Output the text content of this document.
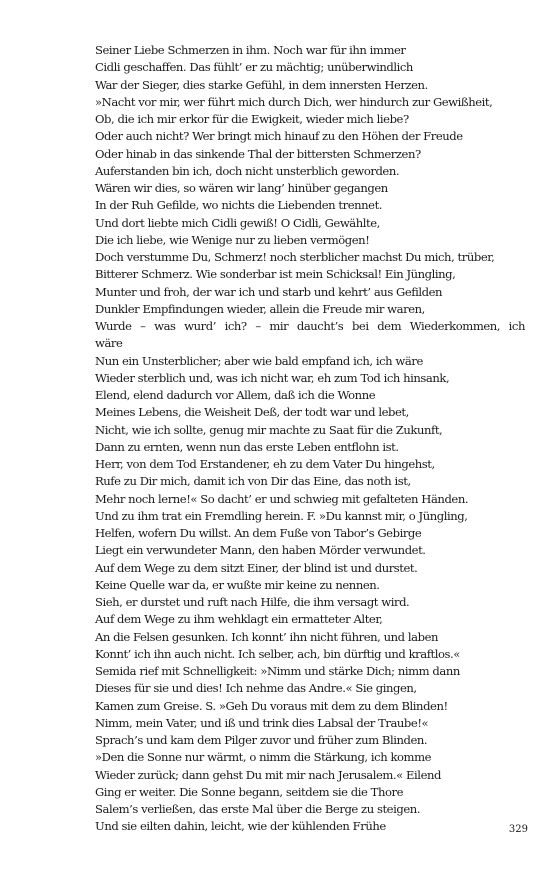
Seiner Liebe Schmerzen in ihm. Noch war für ihn immer
Cidli geschaffen. Das fühlt’ er zu mächtig; unüberwindlich
War der Sieger, dies starke Gefühl, in dem innersten Herzen.
»Nacht vor mir, wer führt mich durch Dich, wer hindurch zur Gewißheit,
Ob, die ich mir erkor für die Ewigkeit, wieder mich liebe?
Oder auch nicht? Wer bringt mich hinauf zu den Höhen der Freude
Oder hinab in das sinkende Thal der bittersten Schmerzen?
Auferstanden bin ich, doch nicht unsterblich geworden.
Wären wir dies, so wären wir lang’ hinüber gegangen
In der Ruh Gefilde, wo nichts die Liebenden trennet.
Und dort liebte mich Cidli gewiß! O Cidli, Gewählte,
Die ich liebe, wie Wenige nur zu lieben vermögen!
Doch verstumme Du, Schmerz! noch sterblicher machst Du mich, trüber,
Bitterer Schmerz. Wie sonderbar ist mein Schicksal! Ein Jüngling,
Munter und froh, der war ich und starb und kehrt’ aus Gefilden
Dunkler Empfindungen wieder, allein die Freude mir waren,
Wurde – was wurd’ ich? – mir daucht’s bei dem Wiederkommen, ich
wäre
Nun ein Unsterblicher; aber wie bald empfand ich, ich wäre
Wieder sterblich und, was ich nicht war, eh zum Tod ich hinsank,
Elend, elend dadurch vor Allem, daß ich die Wonne
Meines Lebens, die Weisheit Deß, der todt war und lebet,
Nicht, wie ich sollte, genug mir machte zu Saat für die Zukunft,
Dann zu ernten, wenn nun das erste Leben entflohn ist.
Herr, von dem Tod Erstandener, eh zu dem Vater Du hingehst,
Rufe zu Dir mich, damit ich von Dir das Eine, das noth ist,
Mehr noch lerne!« So dacht’ er und schwieg mit gefalteten Händen.
Und zu ihm trat ein Fremdling herein. F. »Du kannst mir, o Jüngling,
Helfen, wofern Du willst. An dem Fuße von Tabor’s Gebirge
Liegt ein verwundeter Mann, den haben Mörder verwundet.
Auf dem Wege zu dem sitzt Einer, der blind ist und durstet.
Keine Quelle war da, er wußte mir keine zu nennen.
Sieh, er durstet und ruft nach Hilfe, die ihm versagt wird.
Auf dem Wege zu ihm wehklagt ein ermatteter Alter,
An die Felsen gesunken. Ich konnt’ ihn nicht führen, und laben
Konnt’ ich ihn auch nicht. Ich selber, ach, bin dürftig und kraftlos.«
Semida rief mit Schnelligkeit: »Nimm und stärke Dich; nimm dann
Dieses für sie und dies! Ich nehme das Andre.« Sie gingen,
Kamen zum Greise. S. »Geh Du voraus mit dem zu dem Blinden!
Nimm, mein Vater, und iß und trink dies Labsal der Traube!«
Sprach’s und kam dem Pilger zuvor und früher zum Blinden.
»Den die Sonne nur wärmt, o nimm die Stärkung, ich komme
Wieder zurück; dann gehst Du mit mir nach Jerusalem.« Eilend
Ging er weiter. Die Sonne begann, seitdem sie die Thore
Salem’s verließen, das erste Mal über die Berge zu steigen.
Und sie eilten dahin, leicht, wie der kühlenden Frühe	329
